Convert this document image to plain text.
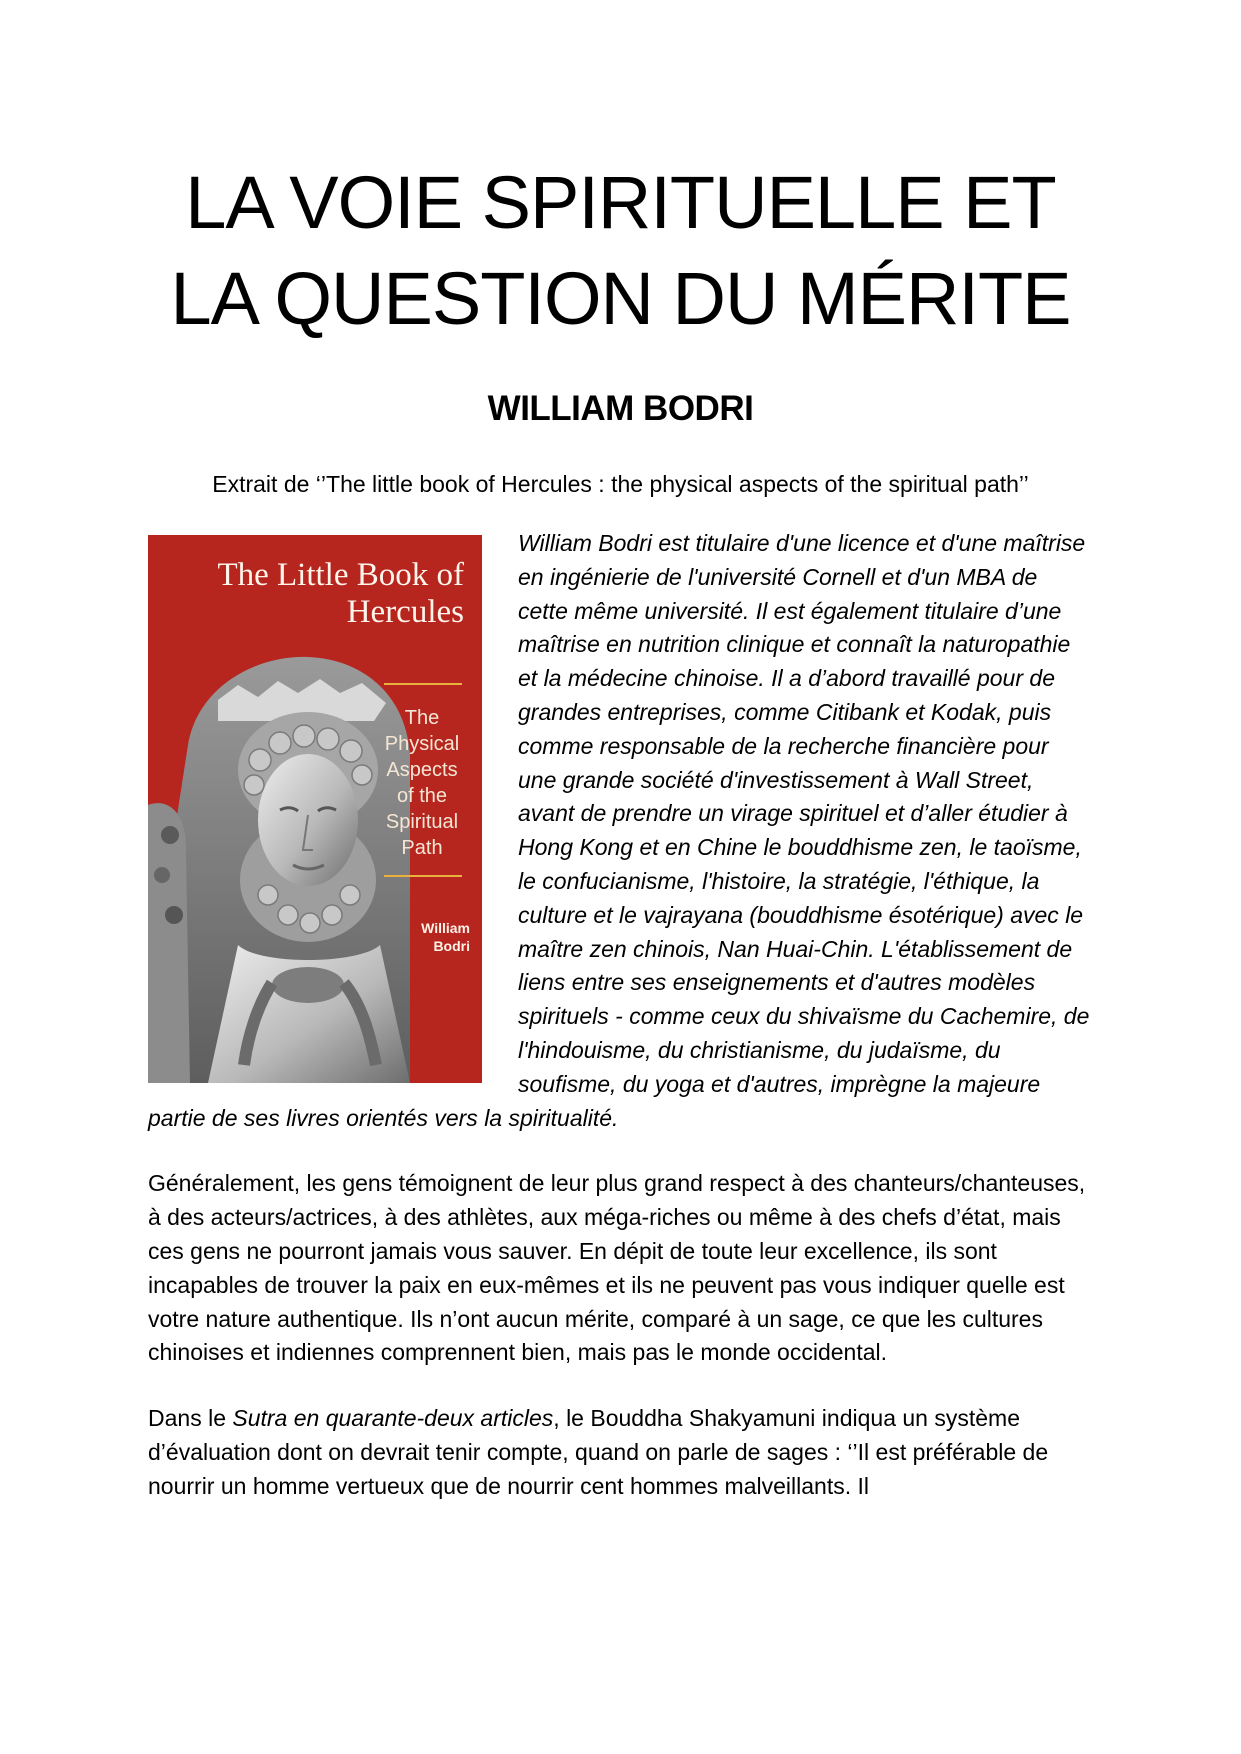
LA VOIE SPIRITUELLE ET
LA QUESTION DU MÉRITE
WILLIAM BODRI

Extrait de ‘’The little book of Hercules : the physical aspects of the spiritual path’’

The Little Book of Hercules
The
Physical
Aspects
of the
Spiritual
Path
William
Bodri

William Bodri est titulaire d'une licence et d'une maîtrise en ingénierie de l'université Cornell et d'un MBA de cette même université. Il est également titulaire d’une maîtrise en nutrition clinique et connaît la naturopathie et la médecine chinoise. Il a d’abord travaillé pour de grandes entreprises, comme Citibank et Kodak, puis comme responsable de la recherche financière pour une grande société d'investissement à Wall Street, avant de prendre un virage spirituel et d’aller étudier à Hong Kong et en Chine le bouddhisme zen, le taoïsme, le confucianisme, l'histoire, la stratégie, l'éthique, la culture et le vajrayana (bouddhisme ésotérique) avec le maître zen chinois, Nan Huai-Chin. L'établissement de liens entre ses enseignements et d'autres modèles spirituels - comme ceux du shivaïsme du Cachemire, de l'hindouisme, du christianisme, du judaïsme, du soufisme, du yoga et d'autres, imprègne la majeure partie de ses livres orientés vers la spiritualité.

Généralement, les gens témoignent de leur plus grand respect à des chanteurs/chanteuses, à des acteurs/actrices, à des athlètes, aux méga-riches ou même à des chefs d’état, mais ces gens ne pourront jamais vous sauver. En dépit de toute leur excellence, ils sont incapables de trouver la paix en eux-mêmes et ils ne peuvent pas vous indiquer quelle est votre nature authentique. Ils n’ont aucun mérite, comparé à un sage, ce que les cultures chinoises et indiennes comprennent bien, mais pas le monde occidental.

Dans le Sutra en quarante-deux articles, le Bouddha Shakyamuni indiqua un système d’évaluation dont on devrait tenir compte, quand on parle de sages : ‘’Il est préférable de nourrir un homme vertueux que de nourrir cent hommes malveillants. Il
